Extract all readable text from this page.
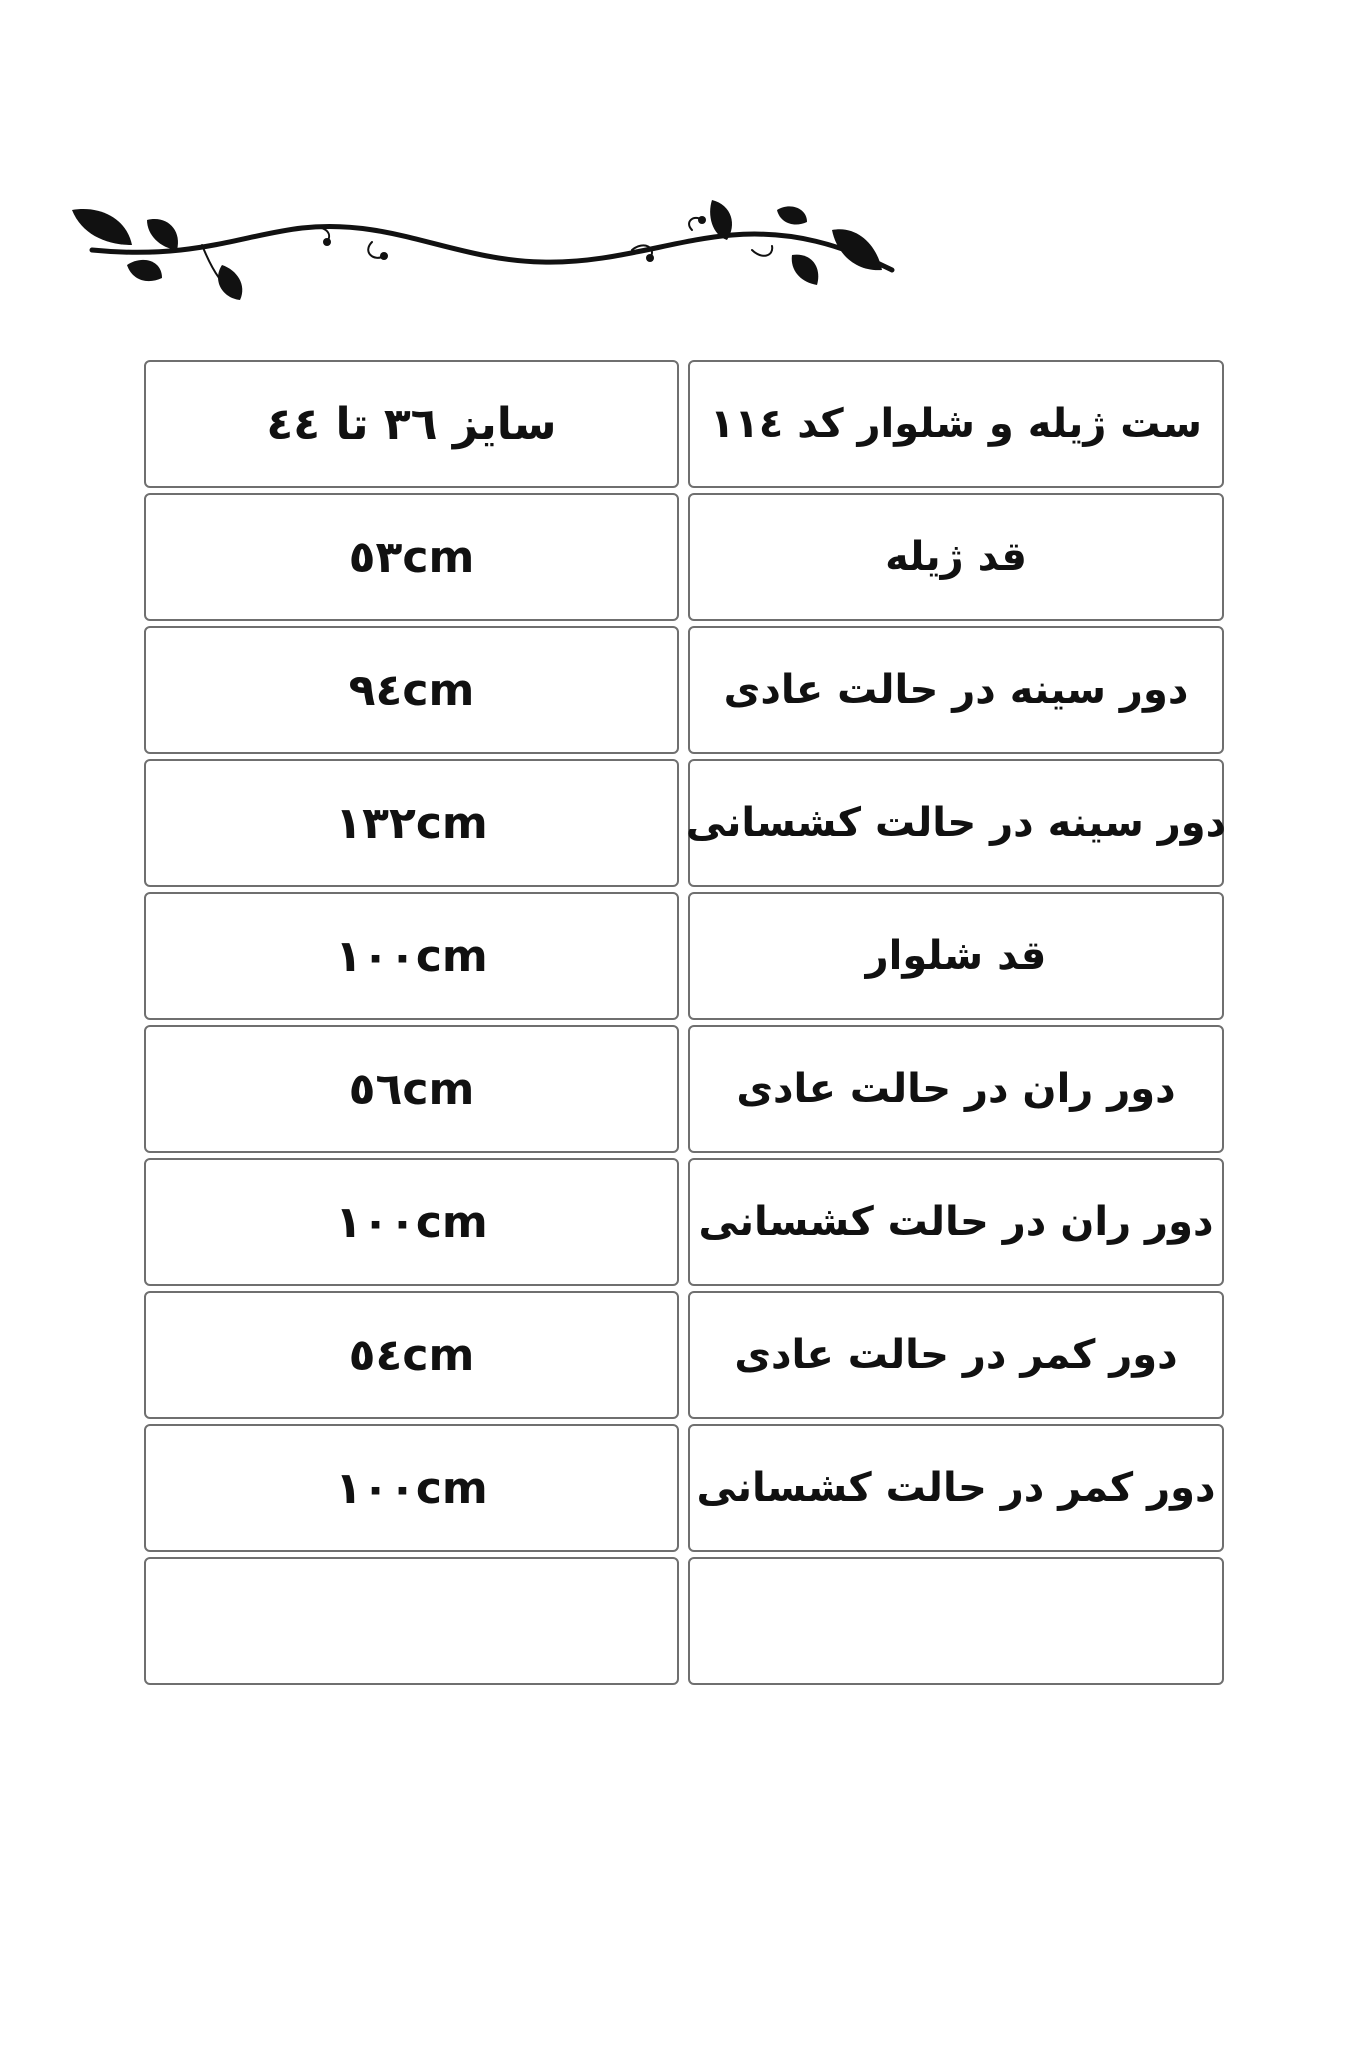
سایز ۳٦ تا ٤٤	ست ژیله و شلوار کد ۱۱٤
٥٣cm	قد ژیله
٩٤cm	دور سینه در حالت عادی
١٣٢cm	دور سینه در حالت کشسانی
١٠٠cm	قد شلوار
٥٦cm	دور ران در حالت عادی
١٠٠cm	دور ران در حالت کشسانی
٥٤cm	دور کمر در حالت عادی
١٠٠cm	دور کمر در حالت کشسانی
